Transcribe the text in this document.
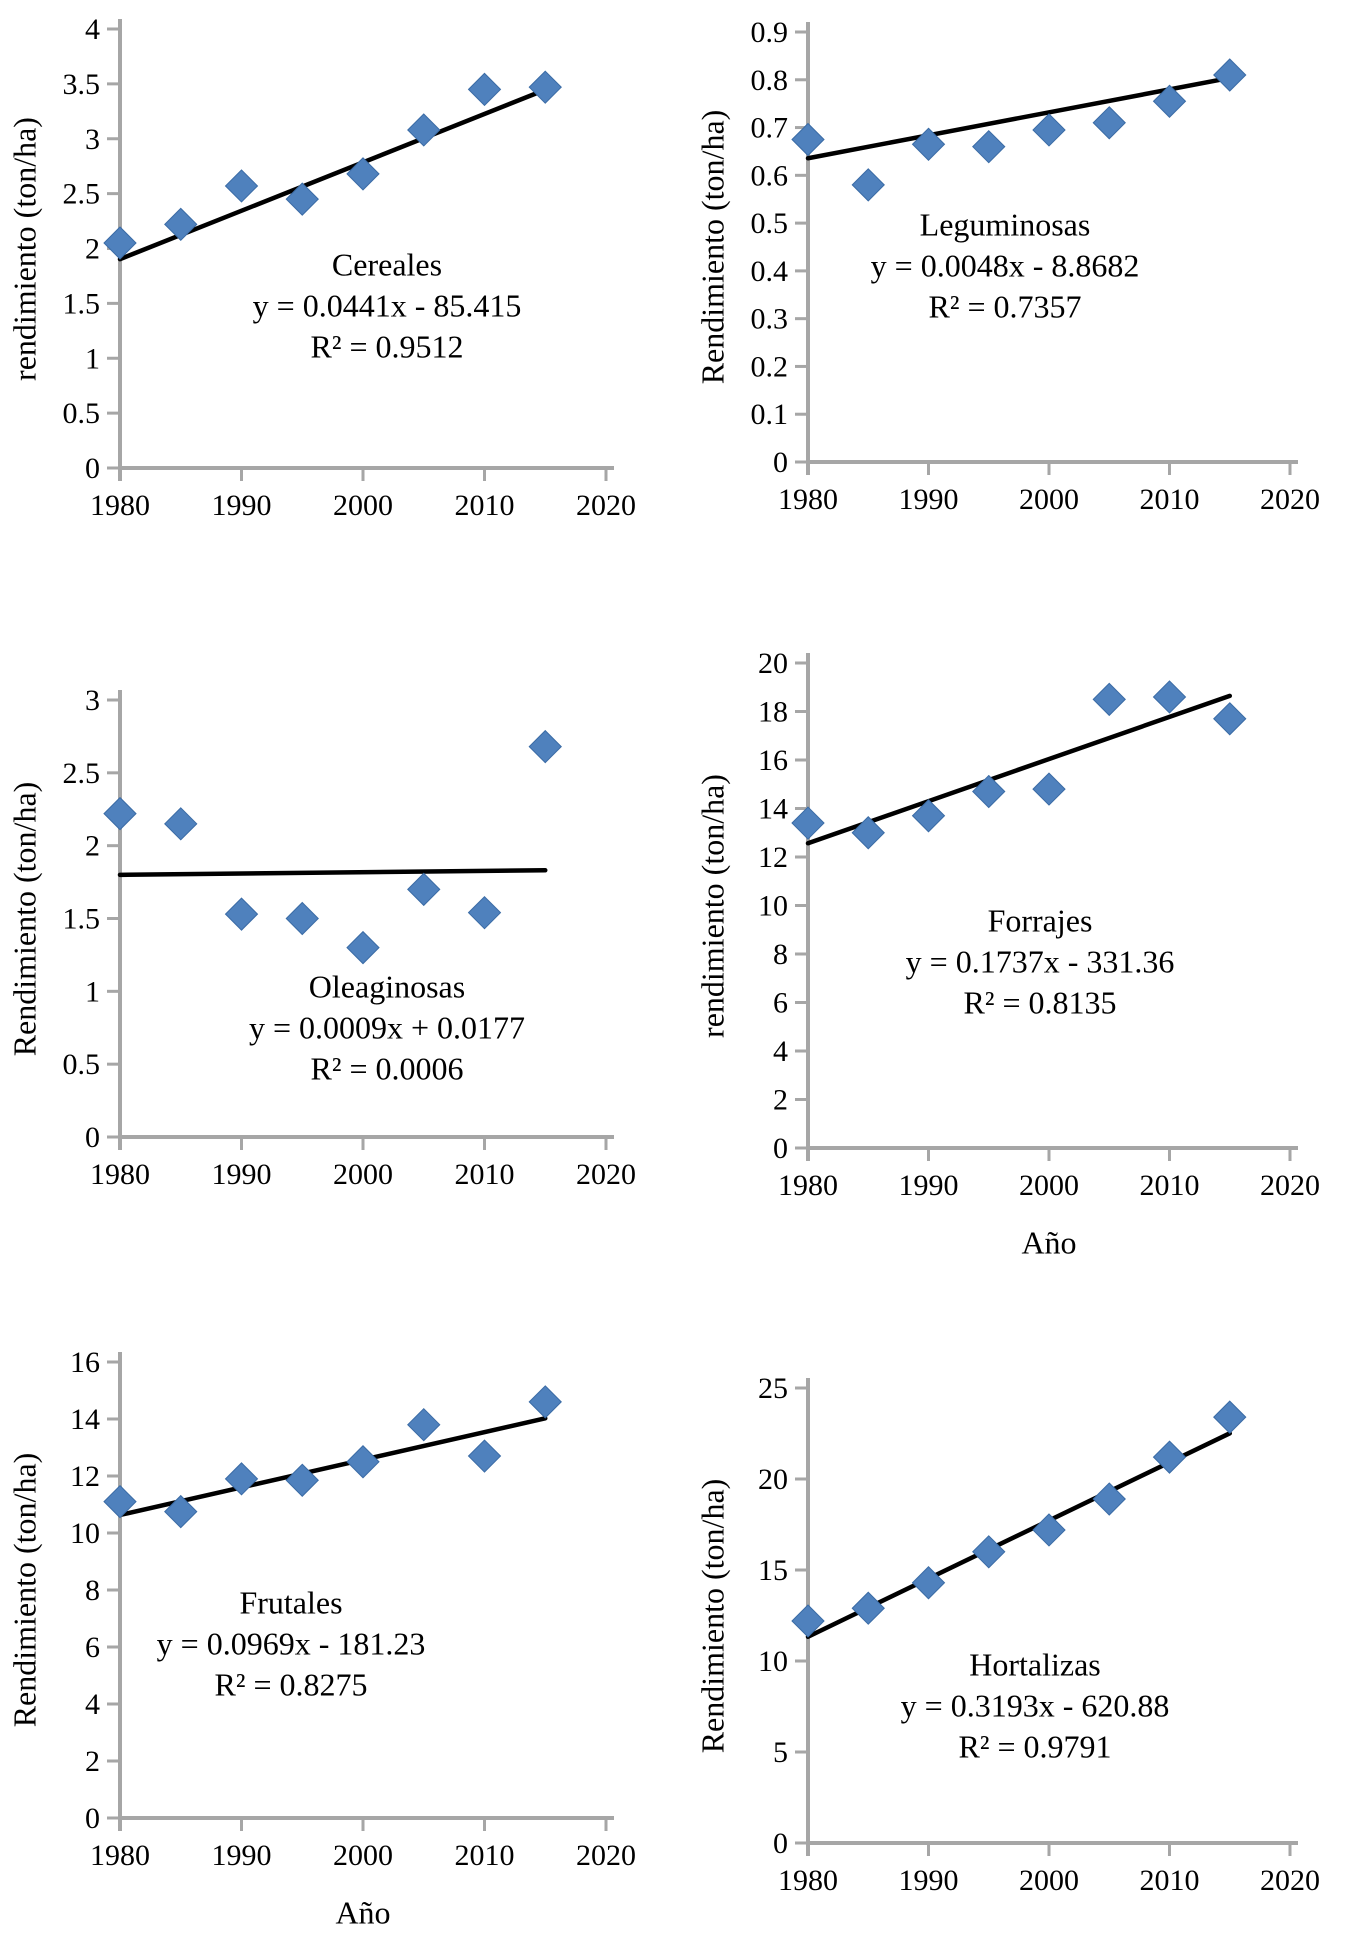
0
0.5
1
1.5
2
2.5
3
3.5
4
1980 1990 2000 2010 2020
0
0.1
0.2
0.3
0.4
0.5
0.6
0.7
0.8
0.9
1980 1990 2000 2010 2020
0
0.5
1
1.5
2
2.5
3
1980 1990 2000 2010 2020
0
2
4
6
8
10
12
14
16
18
20
1980 1990 2000 2010 2020
0
2
4
6
8
10
12
14
16
1980 1990 2000 2010 2020	0
5
10
15
20
25
1980 1990 2000 2010 2020
rendimiento (ton/ha)	Rendimiento (ton/ha)
Rendimiento (ton/ha)	rendimiento (ton/ha)
Rendimiento (ton/ha)	Rendimiento (ton/ha)
Año
Año
Cereales
y = 0.0441x - 85.415
R² = 0.9512
Leguminosas
y = 0.0048x - 8.8682
R² = 0.7357
Oleaginosas
y = 0.0009x + 0.0177
R² = 0.0006
Forrajes
y = 0.1737x - 331.36
R² = 0.8135
Frutales
y = 0.0969x - 181.23
R² = 0.8275
Hortalizas
y = 0.3193x - 620.88
R² = 0.9791
